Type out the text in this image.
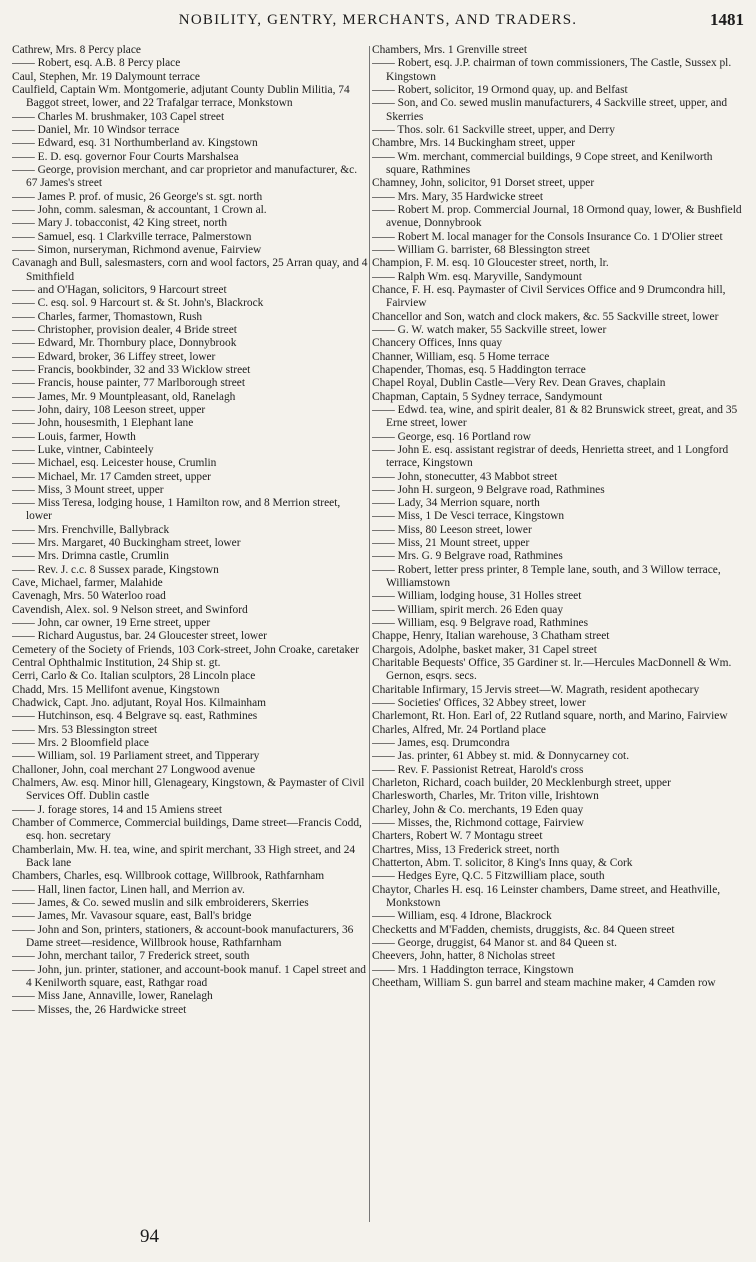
NOBILITY, GENTRY, MERCHANTS, AND TRADERS.	1481
Cathrew, Mrs. 8 Percy place
—— Robert, esq. A.B. 8 Percy place
Caul, Stephen, Mr. 19 Dalymount terrace
Caulfield, Captain Wm. Montgomerie, adjutant County Dublin Militia, 74 Baggot street, lower, and 22 Trafalgar terrace, Monkstown
—— Charles M. brushmaker, 103 Capel street
—— Daniel, Mr. 10 Windsor terrace
—— Edward, esq. 31 Northumberland av. Kingstown
—— E. D. esq. governor Four Courts Marshalsea
—— George, provision merchant, and car proprietor and manufacturer, &c. 67 James's street
—— James P. prof. of music, 26 George's st. sgt. north
—— John, comm. salesman, & accountant, 1 Crown al.
—— Mary J. tobacconist, 42 King street, north
—— Samuel, esq. 1 Clarkville terrace, Palmerstown
—— Simon, nurseryman, Richmond avenue, Fairview
Cavanagh and Bull, salesmasters, corn and wool factors, 25 Arran quay, and 4 Smithfield
—— and O'Hagan, solicitors, 9 Harcourt street
—— C. esq. sol. 9 Harcourt st. & St. John's, Blackrock
—— Charles, farmer, Thomastown, Rush
—— Christopher, provision dealer, 4 Bride street
—— Edward, Mr. Thornbury place, Donnybrook
—— Edward, broker, 36 Liffey street, lower
—— Francis, bookbinder, 32 and 33 Wicklow street
—— Francis, house painter, 77 Marlborough street
—— James, Mr. 9 Mountpleasant, old, Ranelagh
—— John, dairy, 108 Leeson street, upper
—— John, housesmith, 1 Elephant lane
—— Louis, farmer, Howth
—— Luke, vintner, Cabinteely
—— Michael, esq. Leicester house, Crumlin
—— Michael, Mr. 17 Camden street, upper
—— Miss, 3 Mount street, upper
—— Miss Teresa, lodging house, 1 Hamilton row, and 8 Merrion street, lower
—— Mrs. Frenchville, Ballybrack
—— Mrs. Margaret, 40 Buckingham street, lower
—— Mrs. Drimna castle, Crumlin
—— Rev. J. c.c. 8 Sussex parade, Kingstown
Cave, Michael, farmer, Malahide
Cavenagh, Mrs. 50 Waterloo road
Cavendish, Alex. sol. 9 Nelson street, and Swinford
—— John, car owner, 19 Erne street, upper
—— Richard Augustus, bar. 24 Gloucester street, lower
Cemetery of the Society of Friends, 103 Cork-street, John Croake, caretaker
Central Ophthalmic Institution, 24 Ship st. gt.
Cerri, Carlo & Co. Italian sculptors, 28 Lincoln place
Chadd, Mrs. 15 Mellifont avenue, Kingstown
Chadwick, Capt. Jno. adjutant, Royal Hos. Kilmainham
—— Hutchinson, esq. 4 Belgrave sq. east, Rathmines
—— Mrs. 53 Blessington street
—— Mrs. 2 Bloomfield place
—— William, sol. 19 Parliament street, and Tipperary
Challoner, John, coal merchant 27 Longwood avenue
Chalmers, Aw. esq. Minor hill, Glenageary, Kingstown, & Paymaster of Civil Services Off. Dublin castle
—— J. forage stores, 14 and 15 Amiens street
Chamber of Commerce, Commercial buildings, Dame street—Francis Codd, esq. hon. secretary
Chamberlain, Mw. H. tea, wine, and spirit merchant, 33 High street, and 24 Back lane
Chambers, Charles, esq. Willbrook cottage, Willbrook, Rathfarnham
—— Hall, linen factor, Linen hall, and Merrion av.
—— James, & Co. sewed muslin and silk embroiderers, Skerries
—— James, Mr. Vavasour square, east, Ball's bridge
—— John and Son, printers, stationers, & account-book manufacturers, 36 Dame street—residence, Willbrook house, Rathfarnham
—— John, merchant tailor, 7 Frederick street, south
—— John, jun. printer, stationer, and account-book manuf. 1 Capel street and 4 Kenilworth square, east, Rathgar road
—— Miss Jane, Annaville, lower, Ranelagh
—— Misses, the, 26 Hardwicke street
Chambers, Mrs. 1 Grenville street
—— Robert, esq. J.P. chairman of town commissioners, The Castle, Sussex pl. Kingstown
—— Robert, solicitor, 19 Ormond quay, up. and Belfast
—— Son, and Co. sewed muslin manufacturers, 4 Sackville street, upper, and Skerries
—— Thos. solr. 61 Sackville street, upper, and Derry
Chambre, Mrs. 14 Buckingham street, upper
—— Wm. merchant, commercial buildings, 9 Cope street, and Kenilworth square, Rathmines
Chamney, John, solicitor, 91 Dorset street, upper
—— Mrs. Mary, 35 Hardwicke street
—— Robert M. prop. Commercial Journal, 18 Ormond quay, lower, & Bushfield avenue, Donnybrook
—— Robert M. local manager for the Consols Insurance Co. 1 D'Olier street
—— William G. barrister, 68 Blessington street
Champion, F. M. esq. 10 Gloucester street, north, lr.
—— Ralph Wm. esq. Maryville, Sandymount
Chance, F. H. esq. Paymaster of Civil Services Office and 9 Drumcondra hill, Fairview
Chancellor and Son, watch and clock makers, &c. 55 Sackville street, lower
—— G. W. watch maker, 55 Sackville street, lower
Chancery Offices, Inns quay
Channer, William, esq. 5 Home terrace
Chapender, Thomas, esq. 5 Haddington terrace
Chapel Royal, Dublin Castle—Very Rev. Dean Graves, chaplain
Chapman, Captain, 5 Sydney terrace, Sandymount
—— Edwd. tea, wine, and spirit dealer, 81 & 82 Brunswick street, great, and 35 Erne street, lower
—— George, esq. 16 Portland row
—— John E. esq. assistant registrar of deeds, Henrietta street, and 1 Longford terrace, Kingstown
—— John, stonecutter, 43 Mabbot street
—— John H. surgeon, 9 Belgrave road, Rathmines
—— Lady, 34 Merrion square, north
—— Miss, 1 De Vesci terrace, Kingstown
—— Miss, 80 Leeson street, lower
—— Miss, 21 Mount street, upper
—— Mrs. G. 9 Belgrave road, Rathmines
—— Robert, letter press printer, 8 Temple lane, south, and 3 Willow terrace, Williamstown
—— William, lodging house, 31 Holles street
—— William, spirit merch. 26 Eden quay
—— William, esq. 9 Belgrave road, Rathmines
Chappe, Henry, Italian warehouse, 3 Chatham street
Chargois, Adolphe, basket maker, 31 Capel street
Charitable Bequests' Office, 35 Gardiner st. lr.—Hercules MacDonnell & Wm. Gernon, esqrs. secs.
Charitable Infirmary, 15 Jervis street—W. Magrath, resident apothecary
—— Societies' Offices, 32 Abbey street, lower
Charlemont, Rt. Hon. Earl of, 22 Rutland square, north, and Marino, Fairview
Charles, Alfred, Mr. 24 Portland place
—— James, esq. Drumcondra
—— Jas. printer, 61 Abbey st. mid. & Donnycarney cot.
—— Rev. F. Passionist Retreat, Harold's cross
Charleton, Richard, coach builder, 20 Mecklenburgh street, upper
Charlesworth, Charles, Mr. Triton ville, Irishtown
Charley, John & Co. merchants, 19 Eden quay
—— Misses, the, Richmond cottage, Fairview
Charters, Robert W. 7 Montagu street
Chartres, Miss, 13 Frederick street, north
Chatterton, Abm. T. solicitor, 8 King's Inns quay, & Cork
—— Hedges Eyre, Q.C. 5 Fitzwilliam place, south
Chaytor, Charles H. esq. 16 Leinster chambers, Dame street, and Heathville, Monkstown
—— William, esq. 4 Idrone, Blackrock
Checketts and M'Fadden, chemists, druggists, &c. 84 Queen street
—— George, druggist, 64 Manor st. and 84 Queen st.
Cheevers, John, hatter, 8 Nicholas street
—— Mrs. 1 Haddington terrace, Kingstown
Cheetham, William S. gun barrel and steam machine maker, 4 Camden row
94
